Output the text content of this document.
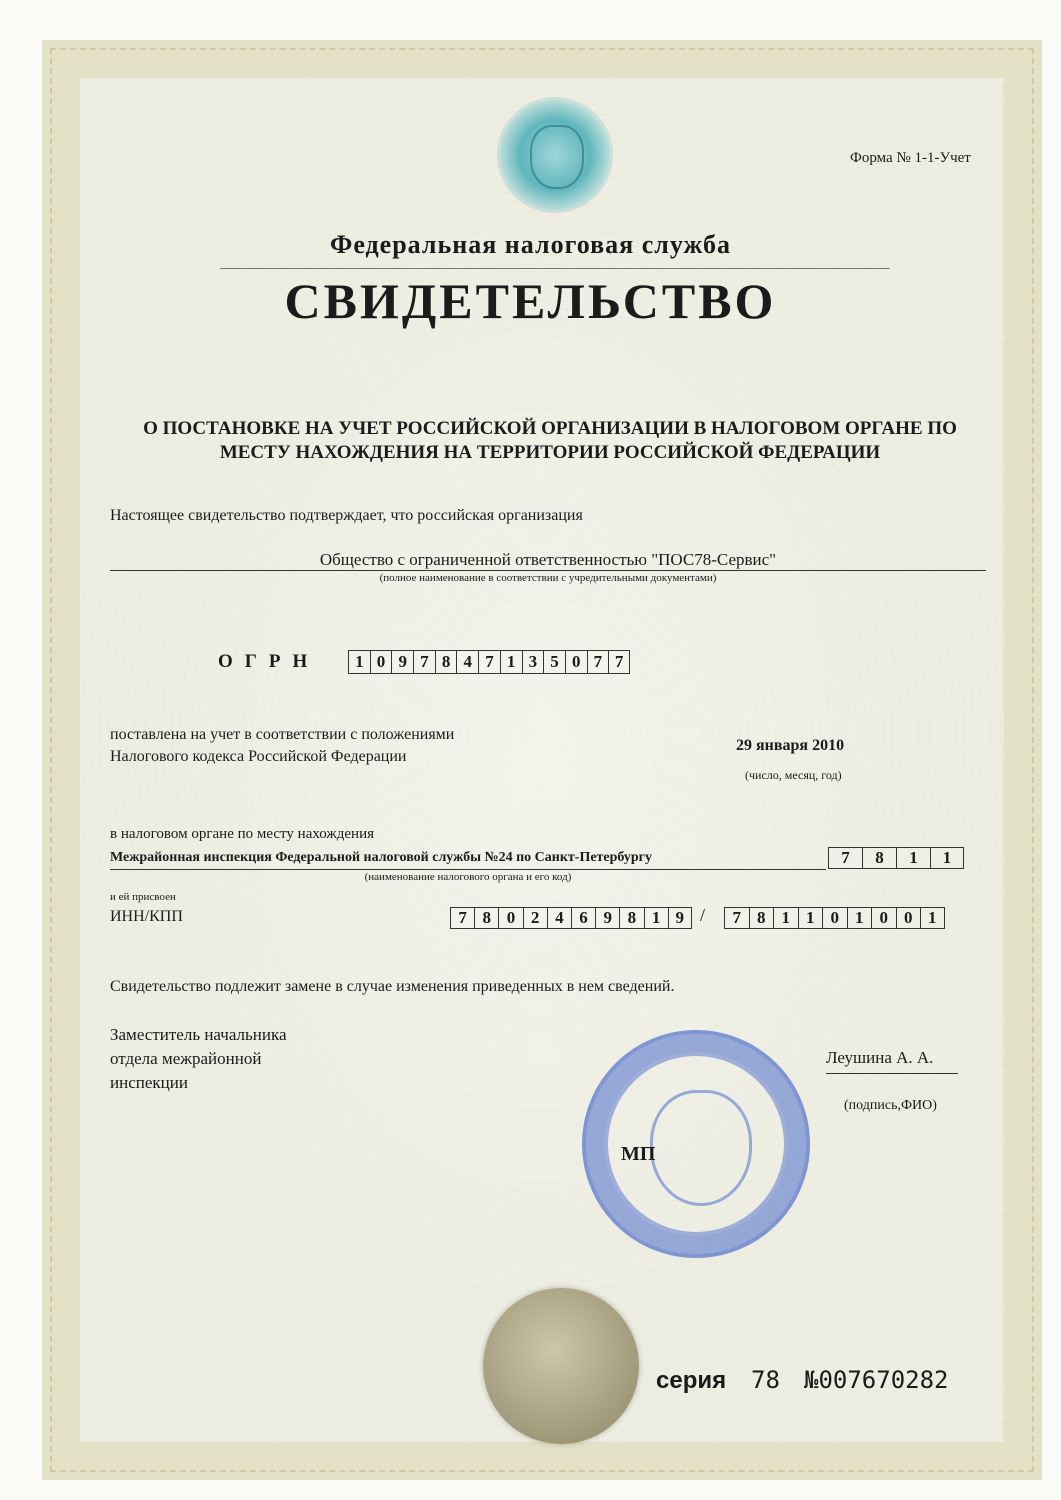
Форма № 1-1-Учет
Федеральная налоговая служба
СВИДЕТЕЛЬСТВО
О ПОСТАНОВКЕ НА УЧЕТ РОССИЙСКОЙ ОРГАНИЗАЦИИ В НАЛОГОВОМ ОРГАНЕ ПО МЕСТУ НАХОЖДЕНИЯ НА ТЕРРИТОРИИ РОССИЙСКОЙ ФЕДЕРАЦИИ
Настоящее свидетельство подтверждает, что российская организация
Общество с ограниченной ответственностью "ПОС78-Сервис"
(полное наименование в соответствии с учредительными документами)
ОГРН	1 0 9 7 8 4 7 1 3 5 0 7 7
поставлена на учет в соответствии с положениями
Налогового кодекса Российской Федерации
29 января 2010
(число, месяц, год)
в налоговом органе по месту нахождения
Межрайонная инспекция Федеральной налоговой службы №24 по Санкт-Петербургу
(наименование налогового органа и его код)
7	8	1	1
и ей присвоен
ИНН/КПП	7 8 0 2 4 6 9 8 1 9 /	7 8 1 1 0 1 0 0 1
Свидетельство подлежит замене в случае изменения приведенных в нем сведений.
Заместитель начальника
отдела межрайонной
инспекции
МП
Леушина А. А.
(подпись,ФИО)
серия 78 №007670282
